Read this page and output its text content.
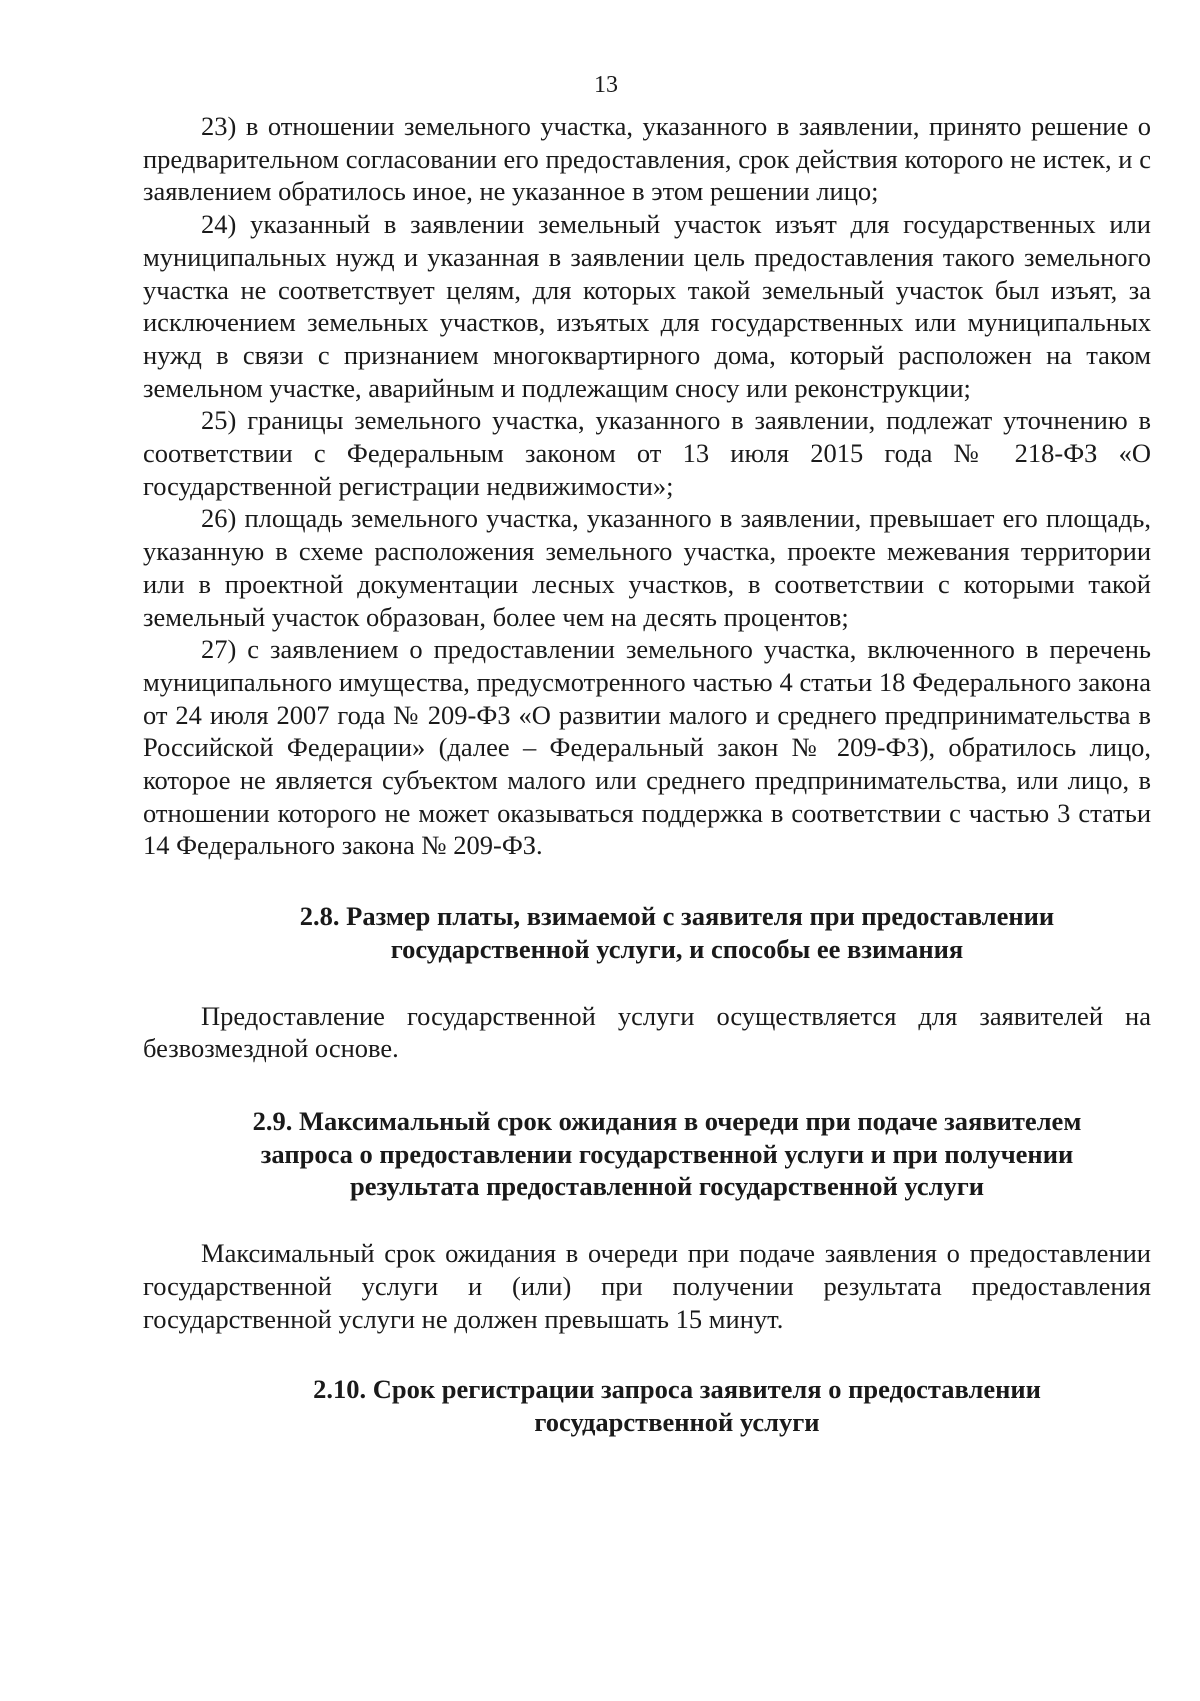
13

23) в отношении земельного участка, указанного в заявлении, принято решение о предварительном согласовании его предоставления, срок действия которого не истек, и с заявлением обратилось иное, не указанное в этом решении лицо;

24) указанный в заявлении земельный участок изъят для государственных или муниципальных нужд и указанная в заявлении цель предоставления такого земельного участка не соответствует целям, для которых такой земельный участок был изъят, за исключением земельных участков, изъятых для государственных или муниципальных нужд в связи с признанием многоквартирного дома, который расположен на таком земельном участке, аварийным и подлежащим сносу или реконструкции;

25) границы земельного участка, указанного в заявлении, подлежат уточнению в соответствии с Федеральным законом от 13 июля 2015 года № 218-ФЗ «О государственной регистрации недвижимости»;

26) площадь земельного участка, указанного в заявлении, превышает его площадь, указанную в схеме расположения земельного участка, проекте межевания территории или в проектной документации лесных участков, в соответствии с которыми такой земельный участок образован, более чем на десять процентов;

27) с заявлением о предоставлении земельного участка, включенного в перечень муниципального имущества, предусмотренного частью 4 статьи 18 Федерального закона от 24 июля 2007 года № 209-ФЗ «О развитии малого и среднего предпринимательства в Российской Федерации» (далее – Федеральный закон № 209-ФЗ), обратилось лицо, которое не является субъектом малого или среднего предпринимательства, или лицо, в отношении которого не может оказываться поддержка в соответствии с частью 3 статьи 14 Федерального закона № 209-ФЗ.

2.8. Размер платы, взимаемой с заявителя при предоставлении
государственной услуги, и способы ее взимания

Предоставление государственной услуги осуществляется для заявителей на безвозмездной основе.

2.9. Максимальный срок ожидания в очереди при подаче заявителем
запроса о предоставлении государственной услуги и при получении
результата предоставленной государственной услуги

Максимальный срок ожидания в очереди при подаче заявления о предоставлении государственной услуги и (или) при получении результата предоставления государственной услуги не должен превышать 15 минут.

2.10. Срок регистрации запроса заявителя о предоставлении
государственной услуги
